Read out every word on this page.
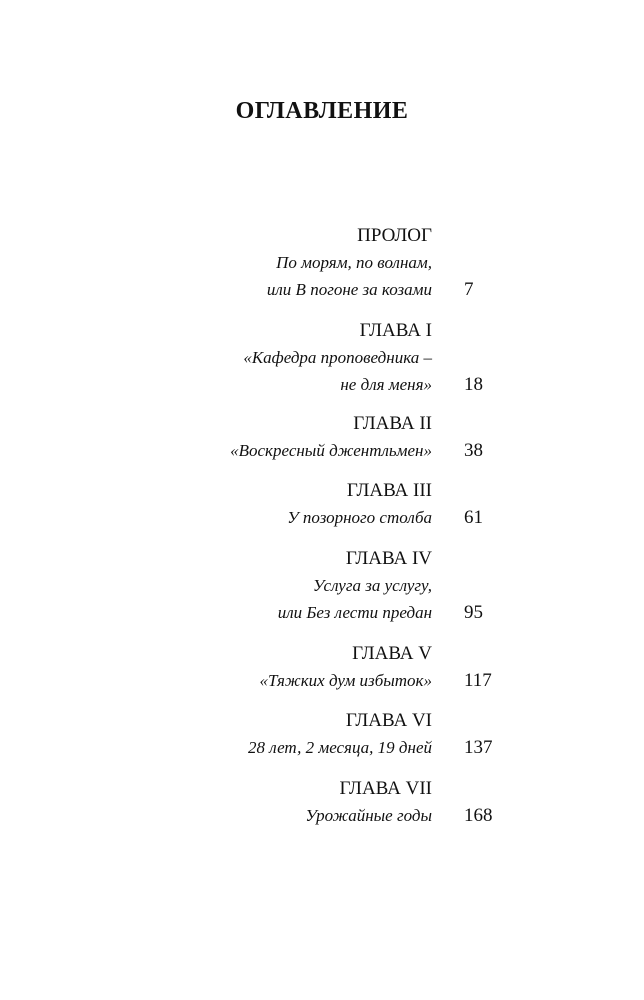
ОГЛАВЛЕНИЕ
ПРОЛОГ
По морям, по волнам,
или В погоне за козами 7
ГЛАВА I
«Кафедра проповедника –
не для меня» 18
ГЛАВА II
«Воскресный джентльмен» 38
ГЛАВА III
У позорного столба 61
ГЛАВА IV
Услуга за услугу,
или Без лести предан 95
ГЛАВА V
«Тяжких дум избыток» 117
ГЛАВА VI
28 лет, 2 месяца, 19 дней 137
ГЛАВА VII
Урожайные годы 168
